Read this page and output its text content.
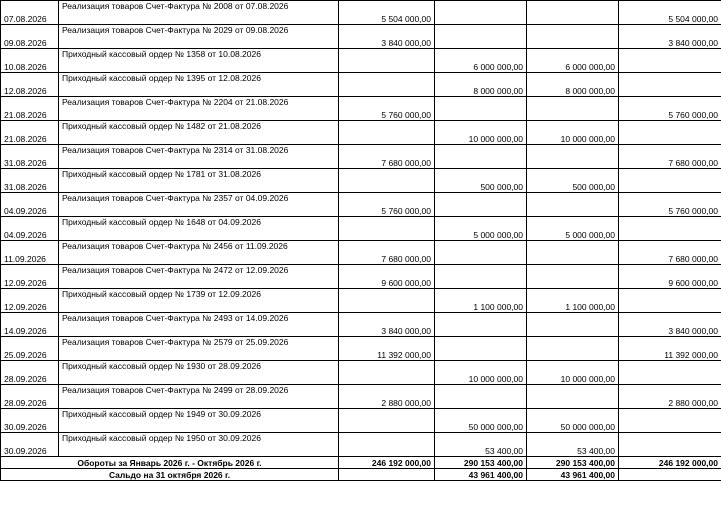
07.08.2026	Реализация товаров Счет-Фактура № 2008 от 07.08.2026	5 504 000,00			5 504 000,00
09.08.2026	Реализация товаров Счет-Фактура № 2029 от 09.08.2026	3 840 000,00			3 840 000,00
10.08.2026	Приходный кассовый ордер № 1358 от 10.08.2026		6 000 000,00	6 000 000,00	
12.08.2026	Приходный кассовый ордер № 1395 от 12.08.2026		8 000 000,00	8 000 000,00	
21.08.2026	Реализация товаров Счет-Фактура № 2204 от 21.08.2026	5 760 000,00			5 760 000,00
21.08.2026	Приходный кассовый ордер № 1482 от 21.08.2026		10 000 000,00	10 000 000,00	
31.08.2026	Реализация товаров Счет-Фактура № 2314 от 31.08.2026	7 680 000,00			7 680 000,00
31.08.2026	Приходный кассовый ордер № 1781 от 31.08.2026		500 000,00	500 000,00	
04.09.2026	Реализация товаров Счет-Фактура № 2357 от 04.09.2026	5 760 000,00			5 760 000,00
04.09.2026	Приходный кассовый ордер № 1648 от 04.09.2026		5 000 000,00	5 000 000,00	
11.09.2026	Реализация товаров Счет-Фактура № 2456 от 11.09.2026	7 680 000,00			7 680 000,00
12.09.2026	Реализация товаров Счет-Фактура № 2472 от 12.09.2026	9 600 000,00			9 600 000,00
12.09.2026	Приходный кассовый ордер № 1739 от 12.09.2026		1 100 000,00	1 100 000,00	
14.09.2026	Реализация товаров Счет-Фактура № 2493 от 14.09.2026	3 840 000,00			3 840 000,00
25.09.2026	Реализация товаров Счет-Фактура № 2579 от 25.09.2026	11 392 000,00			11 392 000,00
28.09.2026	Приходный кассовый ордер № 1930 от 28.09.2026		10 000 000,00	10 000 000,00	
28.09.2026	Реализация товаров Счет-Фактура № 2499 от 28.09.2026	2 880 000,00			2 880 000,00
30.09.2026	Приходный кассовый ордер № 1949 от 30.09.2026		50 000 000,00	50 000 000,00	
30.09.2026	Приходный кассовый ордер № 1950 от 30.09.2026		53 400,00	53 400,00	
Обороты за Январь 2026 г. - Октябрь 2026 г.		246 192 000,00	290 153 400,00	290 153 400,00	246 192 000,00
Сальдо на 31 октября 2026 г.			43 961 400,00	43 961 400,00	
